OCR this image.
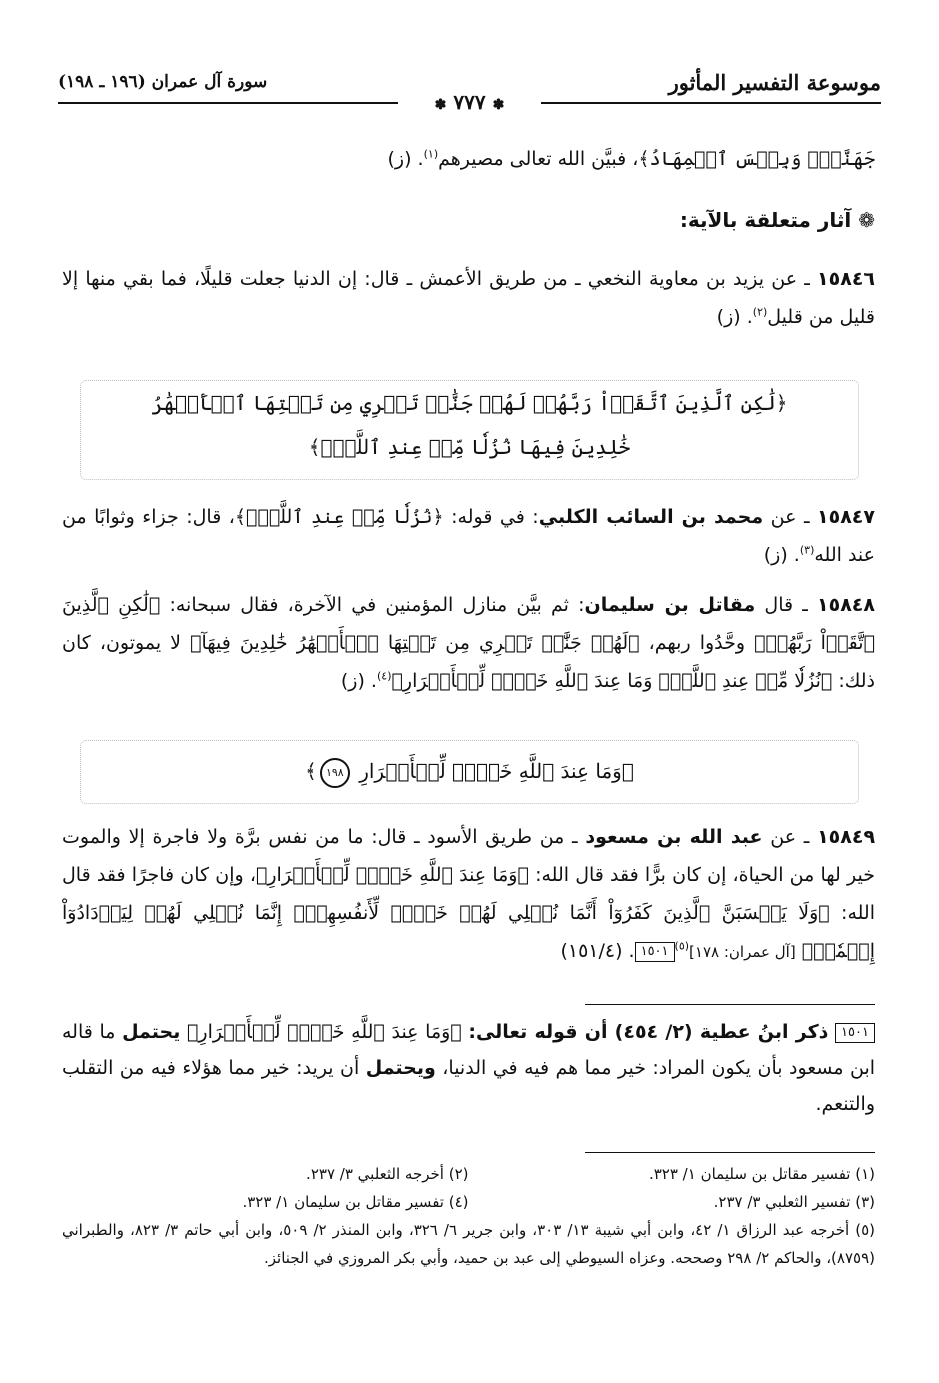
موسوعة التفسير المأثور
سورة آل عمران (١٩٦ ـ ١٩٨)
✽ ٧٧٧ ✽
جَهَنَّمُۚ وَبِئۡسَ ٱلۡمِهَادُ﴾، فبيَّن الله تعالى مصيرهم$^{(١)}$. (ز)
❁ آثار متعلقة بالآية:
١٥٨٤٦ ـ عن يزيد بن معاوية النخعي ـ من طريق الأعمش ـ قال: إن الدنيا جعلت قليلًا، فما بقي منها إلا قليل من قليل$^{(٢)}$. (ز)
﴿لَٰكِنِ ٱلَّذِينَ ٱتَّقَوۡاْ رَبَّهُمۡ لَهُمۡ جَنَّٰتٞ تَجۡرِي مِن تَحۡتِهَا ٱلۡأَنۡهَٰرُ
خَٰلِدِينَ فِيهَا نُزُلٗا مِّنۡ عِندِ ٱللَّهِۗ﴾
١٥٨٤٧ ـ عن محمد بن السائب الكلبي: في قوله: ﴿نُزُلٗا مِّنۡ عِندِ ٱللَّهِۗ﴾، قال: جزاء وثوابًا من عند الله$^{(٣)}$. (ز)
١٥٨٤٨ ـ قال مقاتل بن سليمان: ثم بيَّن منازل المؤمنين في الآخرة، فقال سبحانه: ﴿لَٰكِنِ ٱلَّذِينَ ٱتَّقَوۡاْ رَبَّهُمۡ﴾ وحَّدُوا ربهم، ﴿لَهُمۡ جَنَّٰتٞ تَجۡرِي مِن تَحۡتِهَا ٱلۡأَنۡهَٰرُ خَٰلِدِينَ فِيهَآ﴾ لا يموتون، كان ذلك: ﴿نُزُلٗا مِّنۡ عِندِ ٱللَّهِۗ وَمَا عِندَ ٱللَّهِ خَيۡرٞ لِّلۡأَبۡرَارِ﴾$^{(٤)}$. (ز)
﴿وَمَا عِندَ ٱللَّهِ خَيۡرٞ لِّلۡأَبۡرَارِ ١٩٨﴾
١٥٨٤٩ ـ عن عبد الله بن مسعود ـ من طريق الأسود ـ قال: ما من نفس برَّة ولا فاجرة إلا والموت خير لها من الحياة، إن كان برًّا فقد قال الله: ﴿وَمَا عِندَ ٱللَّهِ خَيۡرٞ لِّلۡأَبۡرَارِ﴾، وإن كان فاجرًا فقد قال الله: ﴿وَلَا يَحۡسَبَنَّ ٱلَّذِينَ كَفَرُوٓاْ أَنَّمَا نُمۡلِي لَهُمۡ خَيۡرٞ لِّأَنفُسِهِمۡۚ إِنَّمَا نُمۡلِي لَهُمۡ لِيَزۡدَادُوٓاْ إِثۡمٗاۚ﴾ [آل عمران: ١٧٨]$^{(٥)}$١٥٠١. (١٥١/٤)
١٥٠١ ذكر ابنُ عطية (٢/ ٤٥٤) أن قوله تعالى: ﴿وَمَا عِندَ ٱللَّهِ خَيۡرٞ لِّلۡأَبۡرَارِ﴾ يحتمل ما قاله ابن مسعود بأن يكون المراد: خير مما هم فيه في الدنيا، ويحتمل أن يريد: خير مما هؤلاء فيه من التقلب والتنعم.
(١) تفسير مقاتل بن سليمان ١/ ٣٢٣.
(٢) أخرجه الثعلبي ٣/ ٢٣٧.
(٣) تفسير الثعلبي ٣/ ٢٣٧.
(٤) تفسير مقاتل بن سليمان ١/ ٣٢٣.
(٥) أخرجه عبد الرزاق ١/ ٤٢، وابن أبي شيبة ١٣/ ٣٠٣، وابن جرير ٦/ ٣٢٦، وابن المنذر ٢/ ٥٠٩، وابن أبي حاتم ٣/ ٨٢٣، والطبراني (٨٧٥٩)، والحاكم ٢/ ٢٩٨ وصححه. وعزاه السيوطي إلى عبد بن حميد، وأبي بكر المروزي في الجنائز.
